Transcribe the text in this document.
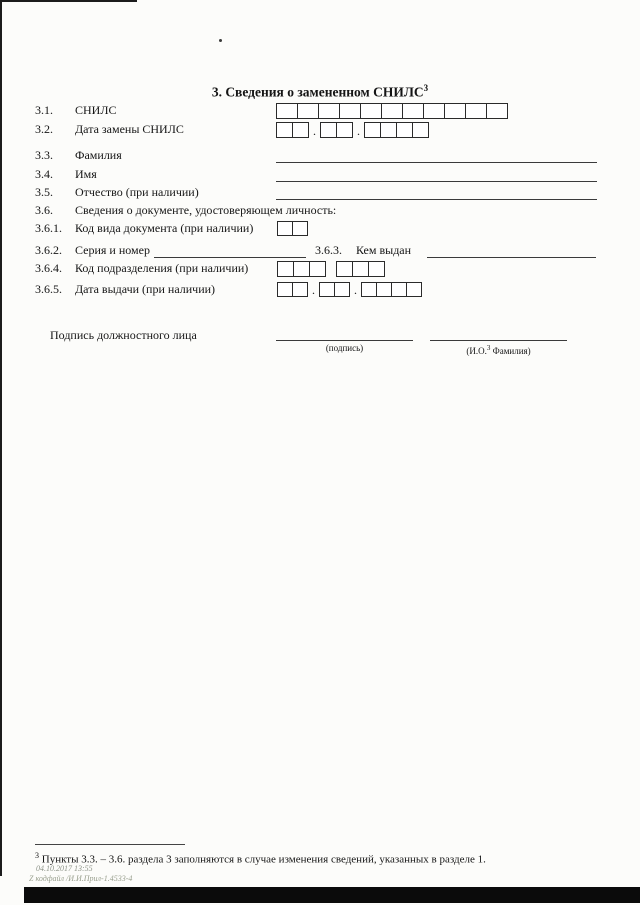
3. Сведения о замененном СНИЛС$^3$
3.1. СНИЛС
3.2. Дата замены СНИЛС	.	.
3.3. Фамилия
3.4. Имя
3.5. Отчество (при наличии)
3.6. Сведения о документе, удостоверяющем личность:
3.6.1. Код вида документа (при наличии)
3.6.2. Серия и номер	3.6.3. Кем выдан
3.6.4. Код подразделения (при наличии)
3.6.5. Дата выдачи (при наличии)	.	.
Подпись должностного лица
(подпись)	(И.О.$^3$ Фамилия)
$^3$ Пункты 3.3. – 3.6. раздела 3 заполняются в случае изменения сведений, указанных в разделе 1.
04.10.2017 13:55
Z кодфайл /И.И.Прил-1.4533-4
